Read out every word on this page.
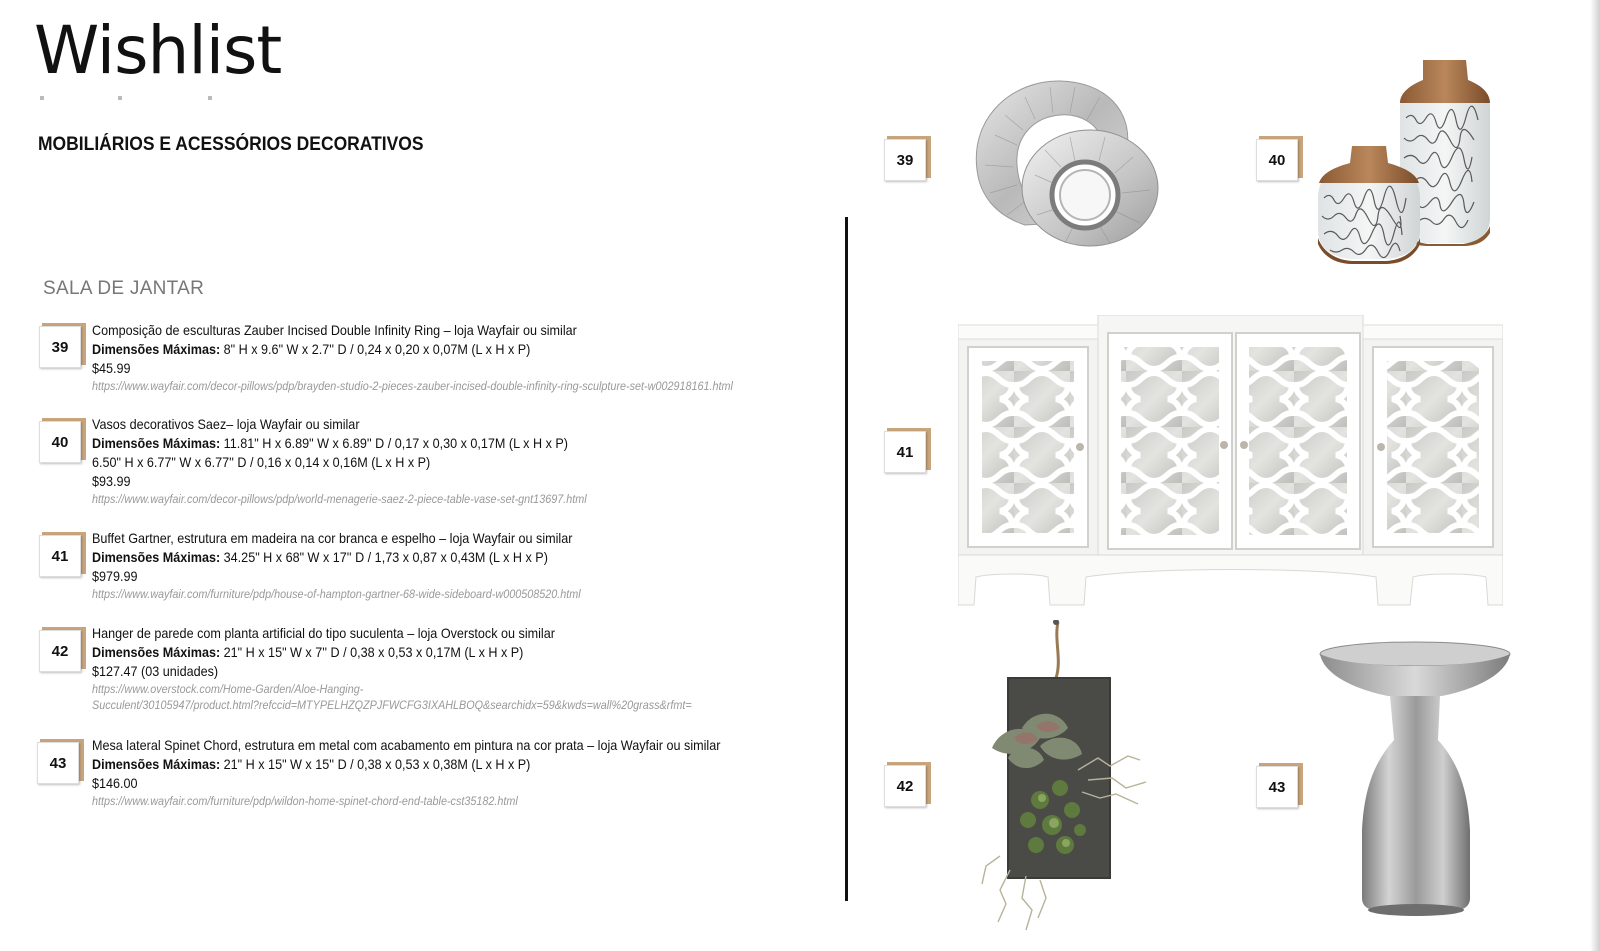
Wishlist
MOBILIÁRIOS E ACESSÓRIOS DECORATIVOS
SALA DE JANTAR
39
40
41
42
43
Composição de esculturas Zauber Incised Double Infinity Ring – loja Wayfair ou similar
Dimensões Máximas: 8" H x 9.6" W x 2.7'' D / 0,24 x 0,20 x 0,07M (L x H x P)
$45.99
https://www.wayfair.com/decor-pillows/pdp/brayden-studio-2-pieces-zauber-incised-double-infinity-ring-sculpture-set-w002918161.html
Vasos decorativos Saez– loja Wayfair ou similar
Dimensões Máximas: 11.81" H x 6.89" W x 6.89'' D / 0,17 x 0,30 x 0,17M (L x H x P)
6.50" H x 6.77" W x 6.77'' D / 0,16 x 0,14 x 0,16M (L x H x P)
$93.99
https://www.wayfair.com/decor-pillows/pdp/world-menagerie-saez-2-piece-table-vase-set-gnt13697.html
Buffet Gartner, estrutura em madeira na cor branca e espelho – loja Wayfair ou similar
Dimensões Máximas: 34.25" H x 68" W x 17'' D / 1,73 x 0,87 x 0,43M (L x H x P)
$979.99
https://www.wayfair.com/furniture/pdp/house-of-hampton-gartner-68-wide-sideboard-w000508520.html
Hanger de parede com planta artificial do tipo suculenta – loja Overstock ou similar
Dimensões Máximas: 21" H x 15" W x 7'' D / 0,38 x 0,53 x 0,17M (L x H x P)
$127.47 (03 unidades)
https://www.overstock.com/Home-Garden/Aloe-Hanging-
Succulent/30105947/product.html?refccid=MTYPELHZQZPJFWCFG3IXAHLBOQ&searchidx=59&kwds=wall%20grass&rfmt=
Mesa lateral Spinet Chord, estrutura em metal com acabamento em pintura na cor prata – loja Wayfair ou similar
Dimensões Máximas: 21" H x 15" W x 15'' D / 0,38 x 0,53 x 0,38M (L x H x P)
$146.00
https://www.wayfair.com/furniture/pdp/wildon-home-spinet-chord-end-table-cst35182.html
39	40
41
42	43
